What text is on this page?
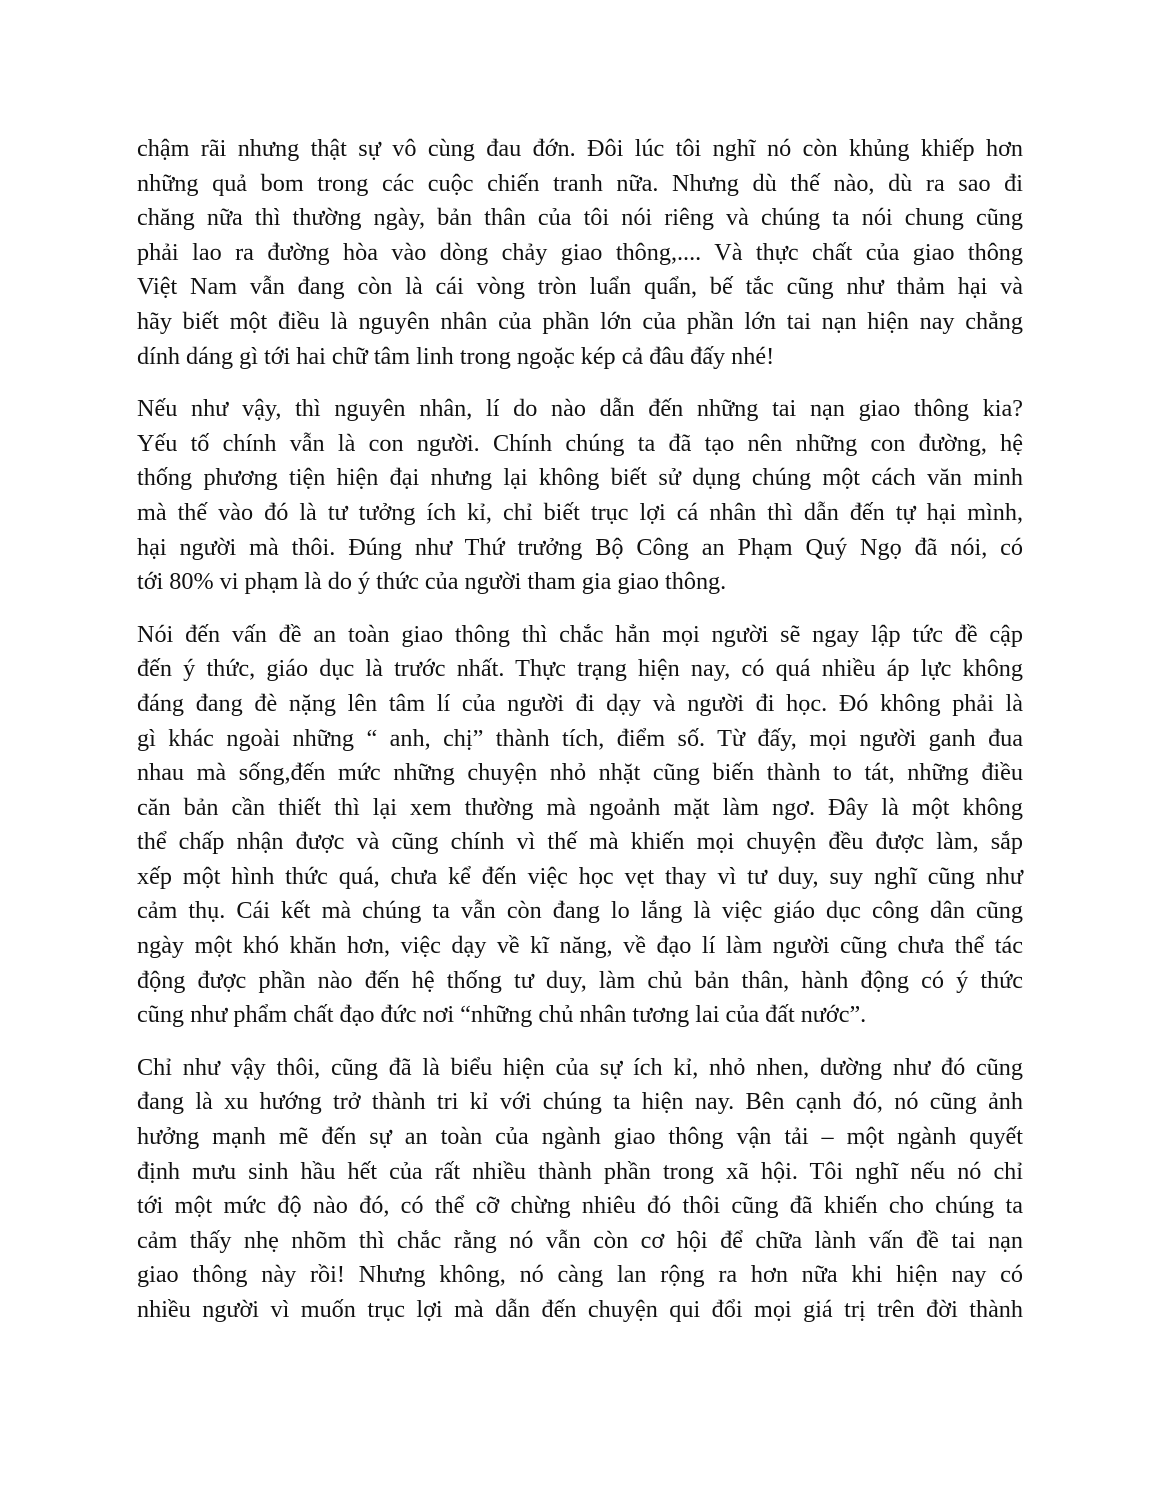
chậm rãi nhưng thật sự vô cùng đau đớn. Đôi lúc tôi nghĩ nó còn khủng khiếp hơn
những quả bom trong các cuộc chiến tranh nữa. Nhưng dù thế nào, dù ra sao đi
chăng nữa thì thường ngày, bản thân của tôi nói riêng và chúng ta nói chung cũng
phải lao ra đường hòa vào dòng chảy giao thông,.... Và thực chất của giao thông
Việt Nam vẫn đang còn là cái vòng tròn luẩn quẩn, bế tắc cũng như thảm hại và
hãy biết một điều là nguyên nhân của phần lớn của phần lớn tai nạn hiện nay chẳng
dính dáng gì tới hai chữ tâm linh trong ngoặc kép cả đâu đấy nhé!
Nếu như vậy, thì nguyên nhân, lí do nào dẫn đến những tai nạn giao thông kia?
Yếu tố chính vẫn là con người. Chính chúng ta đã tạo nên những con đường, hệ
thống phương tiện hiện đại nhưng lại không biết sử dụng chúng một cách văn minh
mà thế vào đó là tư tưởng ích kỉ, chỉ biết trục lợi cá nhân thì dẫn đến tự hại mình,
hại người mà thôi. Đúng như Thứ trưởng Bộ Công an Phạm Quý Ngọ đã nói, có
tới 80% vi phạm là do ý thức của người tham gia giao thông.
Nói đến vấn đề an toàn giao thông thì chắc hẳn mọi người sẽ ngay lập tức đề cập
đến ý thức, giáo dục là trước nhất. Thực trạng hiện nay, có quá nhiều áp lực không
đáng đang đè nặng lên tâm lí của người đi dạy và người đi học. Đó không phải là
gì khác ngoài những “ anh, chị” thành tích, điểm số. Từ đấy, mọi người ganh đua
nhau mà sống,đến mức những chuyện nhỏ nhặt cũng biến thành to tát, những điều
căn bản cần thiết thì lại xem thường mà ngoảnh mặt làm ngơ. Đây là một không
thể chấp nhận được và cũng chính vì thế mà khiến mọi chuyện đều được làm, sắp
xếp một hình thức quá, chưa kể đến việc học vẹt thay vì tư duy, suy nghĩ cũng như
cảm thụ. Cái kết mà chúng ta vẫn còn đang lo lắng là việc giáo dục công dân cũng
ngày một khó khăn hơn, việc dạy về kĩ năng, về đạo lí làm người cũng chưa thể tác
động được phần nào đến hệ thống tư duy, làm chủ bản thân, hành động có ý thức
cũng như phẩm chất đạo đức nơi “những chủ nhân tương lai của đất nước”.
Chỉ như vậy thôi, cũng đã là biểu hiện của sự ích kỉ, nhỏ nhen, dường như đó cũng
đang là xu hướng trở thành tri kỉ với chúng ta hiện nay. Bên cạnh đó, nó cũng ảnh
hưởng mạnh mẽ đến sự an toàn của ngành giao thông vận tải – một ngành quyết
định mưu sinh hầu hết của rất nhiều thành phần trong xã hội. Tôi nghĩ nếu nó chỉ
tới một mức độ nào đó, có thể cỡ chừng nhiêu đó thôi cũng đã khiến cho chúng ta
cảm thấy nhẹ nhõm thì chắc rằng nó vẫn còn cơ hội để chữa lành vấn đề tai nạn
giao thông này rồi! Nhưng không, nó càng lan rộng ra hơn nữa khi hiện nay có
nhiều người vì muốn trục lợi mà dẫn đến chuyện qui đổi mọi giá trị trên đời thành
